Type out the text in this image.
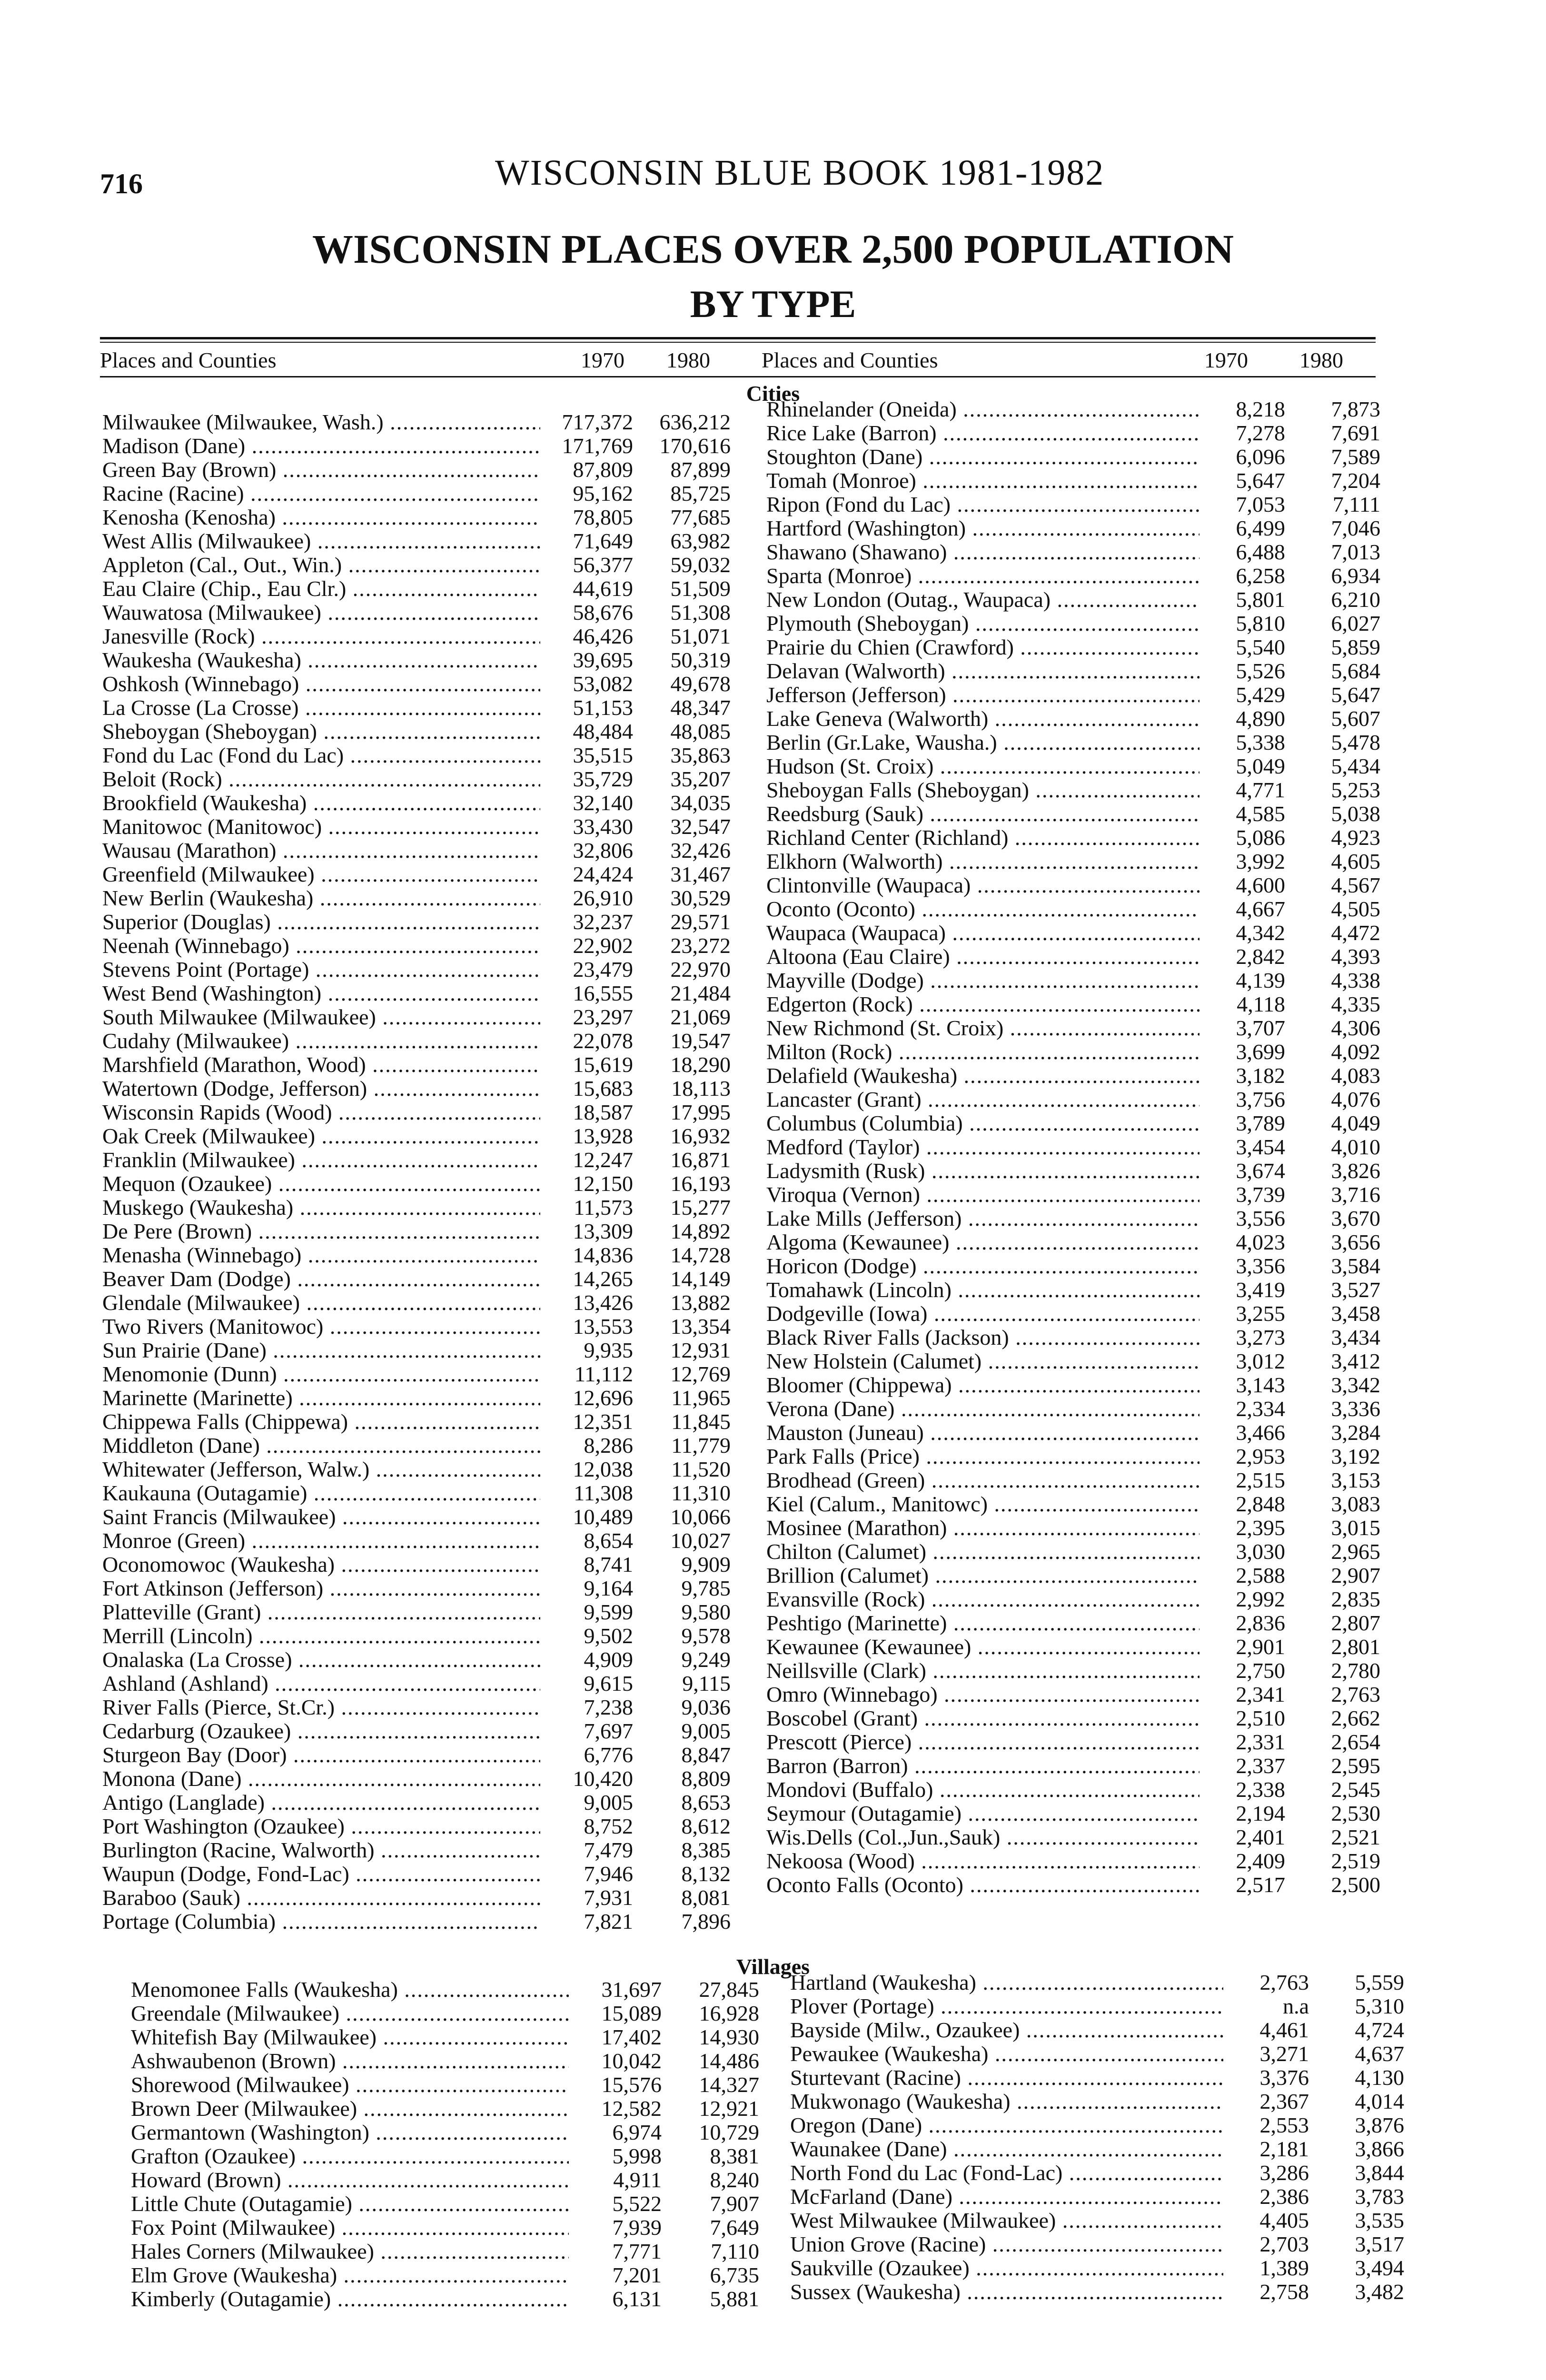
716	WISCONSIN BLUE BOOK 1981-1982
WISCONSIN PLACES OVER 2,500 POPULATION
BY TYPE
Places and Counties	1970 1980 Places and Counties	1970 1980
Cities
Milwaukee (Milwaukee, Wash.) .....	717,372	636,212
Madison (Dane) .....	171,769	170,616
Green Bay (Brown) .....	87,809	87,899
Racine (Racine) .....	95,162	85,725
Kenosha (Kenosha) .....	78,805	77,685
West Allis (Milwaukee) .....	71,649	63,982
Appleton (Cal., Out., Win.) .....	56,377	59,032
Eau Claire (Chip., Eau Clr.) .....	44,619	51,509
Wauwatosa (Milwaukee) .....	58,676	51,308
Janesville (Rock) .....	46,426	51,071
Waukesha (Waukesha) .....	39,695	50,319
Oshkosh (Winnebago) .....	53,082	49,678
La Crosse (La Crosse) .....	51,153	48,347
Sheboygan (Sheboygan) .....	48,484	48,085
Fond du Lac (Fond du Lac) .....	35,515	35,863
Beloit (Rock) .....	35,729	35,207
Brookfield (Waukesha) .....	32,140	34,035
Manitowoc (Manitowoc) .....	33,430	32,547
Wausau (Marathon) .....	32,806	32,426
Greenfield (Milwaukee) .....	24,424	31,467
New Berlin (Waukesha) .....	26,910	30,529
Superior (Douglas) .....	32,237	29,571
Neenah (Winnebago) .....	22,902	23,272
Stevens Point (Portage) .....	23,479	22,970
West Bend (Washington) .....	16,555	21,484
South Milwaukee (Milwaukee) .....	23,297	21,069
Cudahy (Milwaukee) .....	22,078	19,547
Marshfield (Marathon, Wood) .....	15,619	18,290
Watertown (Dodge, Jefferson) .....	15,683	18,113
Wisconsin Rapids (Wood) .....	18,587	17,995
Oak Creek (Milwaukee) .....	13,928	16,932
Franklin (Milwaukee) .....	12,247	16,871
Mequon (Ozaukee) .....	12,150	16,193
Muskego (Waukesha) .....	11,573	15,277
De Pere (Brown) .....	13,309	14,892
Menasha (Winnebago) .....	14,836	14,728
Beaver Dam (Dodge) .....	14,265	14,149
Glendale (Milwaukee) .....	13,426	13,882
Two Rivers (Manitowoc) .....	13,553	13,354
Sun Prairie (Dane) .....	9,935	12,931
Menomonie (Dunn) .....	11,112	12,769
Marinette (Marinette) .....	12,696	11,965
Chippewa Falls (Chippewa) .....	12,351	11,845
Middleton (Dane) .....	8,286	11,779
Whitewater (Jefferson, Walw.) .....	12,038	11,520
Kaukauna (Outagamie) .....	11,308	11,310
Saint Francis (Milwaukee) .....	10,489	10,066
Monroe (Green) .....	8,654	10,027
Oconomowoc (Waukesha) .....	8,741	9,909
Fort Atkinson (Jefferson) .....	9,164	9,785
Platteville (Grant) .....	9,599	9,580
Merrill (Lincoln) .....	9,502	9,578
Onalaska (La Crosse) .....	4,909	9,249
Ashland (Ashland) .....	9,615	9,115
River Falls (Pierce, St.Cr.) .....	7,238	9,036
Cedarburg (Ozaukee) .....	7,697	9,005
Sturgeon Bay (Door) .....	6,776	8,847
Monona (Dane) .....	10,420	8,809
Antigo (Langlade) .....	9,005	8,653
Port Washington (Ozaukee) .....	8,752	8,612
Burlington (Racine, Walworth) .....	7,479	8,385
Waupun (Dodge, Fond-Lac) .....	7,946	8,132
Baraboo (Sauk) .....	7,931	8,081
Portage (Columbia) .....	7,821	7,896
Rhinelander (Oneida) .....	8,218	7,873
Rice Lake (Barron) .....	7,278	7,691
Stoughton (Dane) .....	6,096	7,589
Tomah (Monroe) .....	5,647	7,204
Ripon (Fond du Lac) .....	7,053	7,111
Hartford (Washington) .....	6,499	7,046
Shawano (Shawano) .....	6,488	7,013
Sparta (Monroe) .....	6,258	6,934
New London (Outag., Waupaca) .....	5,801	6,210
Plymouth (Sheboygan) .....	5,810	6,027
Prairie du Chien (Crawford) .....	5,540	5,859
Delavan (Walworth) .....	5,526	5,684
Jefferson (Jefferson) .....	5,429	5,647
Lake Geneva (Walworth) .....	4,890	5,607
Berlin (Gr.Lake, Wausha.) .....	5,338	5,478
Hudson (St. Croix) .....	5,049	5,434
Sheboygan Falls (Sheboygan) .....	4,771	5,253
Reedsburg (Sauk) .....	4,585	5,038
Richland Center (Richland) .....	5,086	4,923
Elkhorn (Walworth) .....	3,992	4,605
Clintonville (Waupaca) .....	4,600	4,567
Oconto (Oconto) .....	4,667	4,505
Waupaca (Waupaca) .....	4,342	4,472
Altoona (Eau Claire) .....	2,842	4,393
Mayville (Dodge) .....	4,139	4,338
Edgerton (Rock) .....	4,118	4,335
New Richmond (St. Croix) .....	3,707	4,306
Milton (Rock) .....	3,699	4,092
Delafield (Waukesha) .....	3,182	4,083
Lancaster (Grant) .....	3,756	4,076
Columbus (Columbia) .....	3,789	4,049
Medford (Taylor) .....	3,454	4,010
Ladysmith (Rusk) .....	3,674	3,826
Viroqua (Vernon) .....	3,739	3,716
Lake Mills (Jefferson) .....	3,556	3,670
Algoma (Kewaunee) .....	4,023	3,656
Horicon (Dodge) .....	3,356	3,584
Tomahawk (Lincoln) .....	3,419	3,527
Dodgeville (Iowa) .....	3,255	3,458
Black River Falls (Jackson) .....	3,273	3,434
New Holstein (Calumet) .....	3,012	3,412
Bloomer (Chippewa) .....	3,143	3,342
Verona (Dane) .....	2,334	3,336
Mauston (Juneau) .....	3,466	3,284
Park Falls (Price) .....	2,953	3,192
Brodhead (Green) .....	2,515	3,153
Kiel (Calum., Manitowc) .....	2,848	3,083
Mosinee (Marathon) .....	2,395	3,015
Chilton (Calumet) .....	3,030	2,965
Brillion (Calumet) .....	2,588	2,907
Evansville (Rock) .....	2,992	2,835
Peshtigo (Marinette) .....	2,836	2,807
Kewaunee (Kewaunee) .....	2,901	2,801
Neillsville (Clark) .....	2,750	2,780
Omro (Winnebago) .....	2,341	2,763
Boscobel (Grant) .....	2,510	2,662
Prescott (Pierce) .....	2,331	2,654
Barron (Barron) .....	2,337	2,595
Mondovi (Buffalo) .....	2,338	2,545
Seymour (Outagamie) .....	2,194	2,530
Wis.Dells (Col.,Jun.,Sauk) .....	2,401	2,521
Nekoosa (Wood) .....	2,409	2,519
Oconto Falls (Oconto) .....	2,517	2,500
Villages
Menomonee Falls (Waukesha) .....	31,697	27,845
Greendale (Milwaukee) .....	15,089	16,928
Whitefish Bay (Milwaukee) .....	17,402	14,930
Ashwaubenon (Brown) .....	10,042	14,486
Shorewood (Milwaukee) .....	15,576	14,327
Brown Deer (Milwaukee) .....	12,582	12,921
Germantown (Washington) .....	6,974	10,729
Grafton (Ozaukee) .....	5,998	8,381
Howard (Brown) .....	4,911	8,240
Little Chute (Outagamie) .....	5,522	7,907
Fox Point (Milwaukee) .....	7,939	7,649
Hales Corners (Milwaukee) .....	7,771	7,110
Elm Grove (Waukesha) .....	7,201	6,735
Kimberly (Outagamie) .....	6,131	5,881
Hartland (Waukesha) .....	2,763	5,559
Plover (Portage) .....	n.a	5,310
Bayside (Milw., Ozaukee) .....	4,461	4,724
Pewaukee (Waukesha) .....	3,271	4,637
Sturtevant (Racine) .....	3,376	4,130
Mukwonago (Waukesha) .....	2,367	4,014
Oregon (Dane) .....	2,553	3,876
Waunakee (Dane) .....	2,181	3,866
North Fond du Lac (Fond-Lac) .....	3,286	3,844
McFarland (Dane) .....	2,386	3,783
West Milwaukee (Milwaukee) .....	4,405	3,535
Union Grove (Racine) .....	2,703	3,517
Saukville (Ozaukee) .....	1,389	3,494
Sussex (Waukesha) .....	2,758	3,482
